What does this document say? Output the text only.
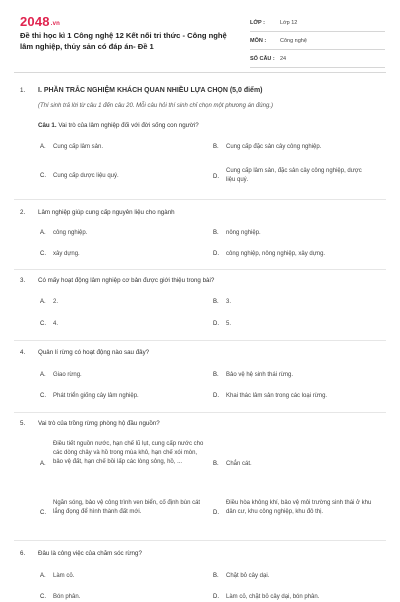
2048.vn
Đề thi học kì 1 Công nghệ 12 Kết nối tri thức - Công nghệ lâm nghiệp, thủy sản có đáp án- Đề 1
LỚP :	Lớp 12
MÔN :	Công nghệ
SỐ CÂU : 24
1. I. PHẦN TRẮC NGHIỆM KHÁCH QUAN NHIỀU LỰA CHỌN (5,0 điểm)
(Thí sinh trả lời từ câu 1 đến câu 20. Mỗi câu hỏi thí sinh chỉ chọn một phương án đúng.)
Câu 1. Vai trò của lâm nghiệp đối với đời sống con người?
A. Cung cấp lâm sản.	B. Cung cấp đặc sản cây công nghiệp.
C. Cung cấp dược liệu quý.	D.
Cung cấp lâm sản, đặc sản cây công nghiệp, dược liệu quý.
2. Lâm nghiệp giúp cung cấp nguyên liệu cho ngành
A. công nghiệp.	B. nông nghiệp.
C. xây dựng.	D. công nghiệp, nông nghiệp, xây dựng.
3. Có mấy hoạt động lâm nghiệp cơ bản được giới thiệu trong bài?
A. 2.	B. 3.
C. 4.	D. 5.
4. Quản lí rừng có hoạt động nào sau đây?
A. Giao rừng.	B. Bảo vệ hệ sinh thái rừng.
C. Phát triển giống cây lâm nghiệp.	D. Khai thác lâm sản trong các loại rừng.
5. Vai trò của trồng rừng phòng hộ đầu nguồn?
A.
Điều tiết nguồn nước, hạn chế lũ lụt, cung cấp nước cho các dòng chảy và hồ trong mùa khô, hạn chế xói mòn, bảo vệ đất, hạn chế bồi lấp các lòng sông, hồ, ...	B. Chắn cát.
C.
Ngăn sóng, bảo vệ công trình ven biển, cố định bùn cát lắng đọng để hình thành đất mới.	D.
Điều hòa không khí, bảo vệ môi trường sinh thái ở khu dân cư, khu công nghiệp, khu đô thị.
6. Đâu là công việc của chăm sóc rừng?
A. Làm cỏ.	B. Chặt bỏ cây dại.
C. Bón phân.	D. Làm cỏ, chặt bỏ cây dại, bón phân.
